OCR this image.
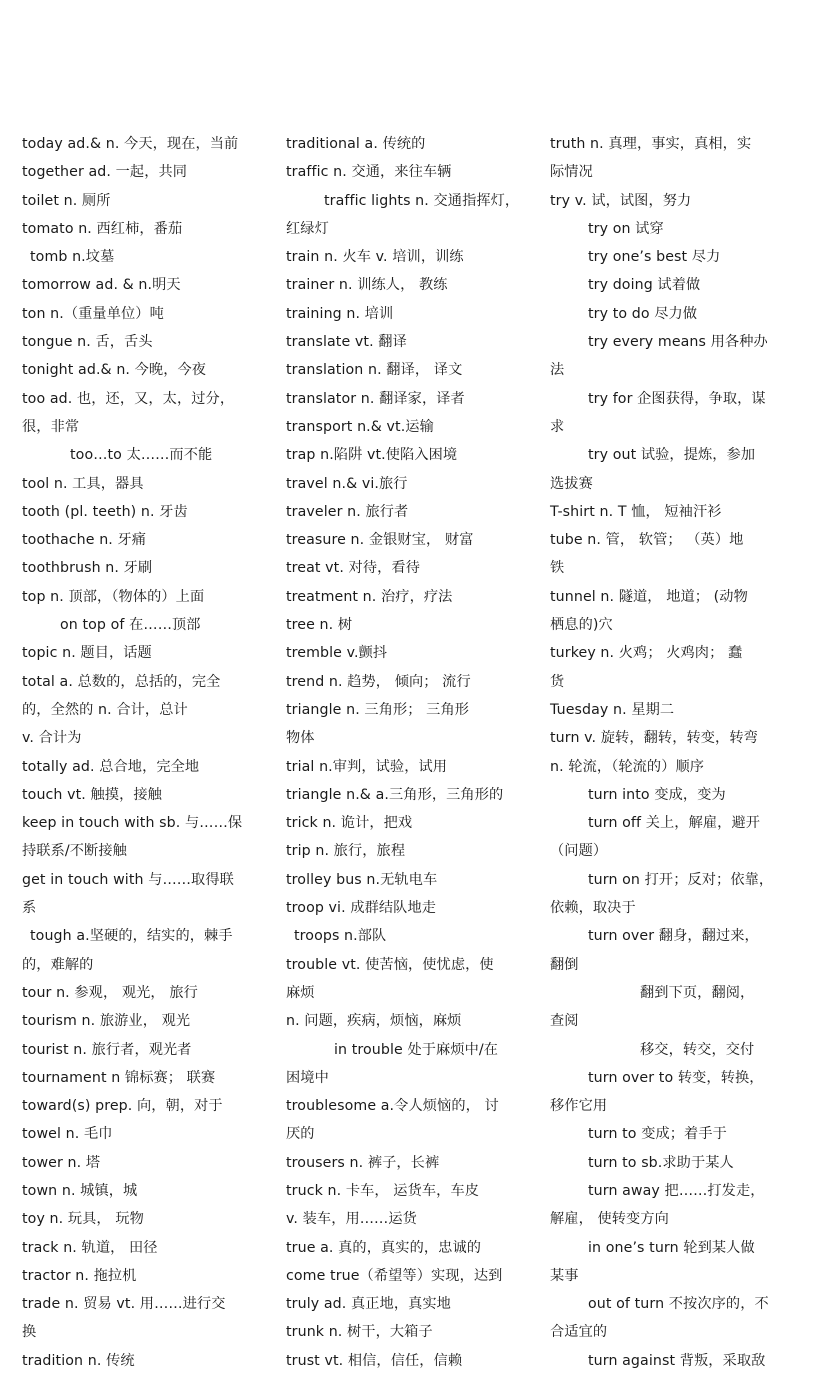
today ad.& n. 今天，现在，当前
together ad. 一起，共同
toilet n. 厕所
tomato n. 西红柿，番茄
tomb n.坟墓
tomorrow ad. & n.明天
ton n.（重量单位）吨
tongue n. 舌，舌头
tonight ad.& n. 今晚，今夜
too ad. 也，还，又，太，过分，
很，非常
too…to 太……而不能
tool n. 工具，器具
tooth (pl. teeth) n. 牙齿
toothache n. 牙痛
toothbrush n. 牙刷
top n. 顶部，（物体的）上面
on top of 在……顶部
topic n. 题目，话题
total a. 总数的，总括的，完全
的，全然的 n. 合计，总计
v. 合计为
totally ad. 总合地，完全地
touch vt. 触摸，接触
keep in touch with sb. 与……保
持联系/不断接触
get in touch with 与……取得联
系
tough a.坚硬的，结实的，棘手
的，难解的
tour n. 参观， 观光， 旅行
tourism n. 旅游业， 观光
tourist n. 旅行者，观光者
tournament n 锦标赛； 联赛
toward(s) prep. 向，朝，对于
towel n. 毛巾
tower n. 塔
town n. 城镇，城
toy n. 玩具， 玩物
track n. 轨道， 田径
tractor n. 拖拉机
trade n. 贸易 vt. 用……进行交
换
tradition n. 传统
traditional a. 传统的
traffic n. 交通，来往车辆
traffic lights n. 交通指挥灯，
红绿灯
train n. 火车 v. 培训，训练
trainer n. 训练人， 教练
training n. 培训
translate vt. 翻译
translation n. 翻译， 译文
translator n. 翻译家，译者
transport n.& vt.运输
trap n.陷阱 vt.使陷入困境
travel n.& vi.旅行
traveler n. 旅行者
treasure n. 金银财宝， 财富
treat vt. 对待，看待
treatment n. 治疗，疗法
tree n. 树
tremble v.颤抖
trend n. 趋势， 倾向； 流行
triangle n. 三角形； 三角形
物体
trial n.审判，试验，试用
triangle n.& a.三角形，三角形的
trick n. 诡计，把戏
trip n. 旅行，旅程
trolley bus n.无轨电车
troop vi. 成群结队地走
troops n.部队
trouble vt. 使苦恼，使忧虑，使
麻烦
n. 问题，疾病，烦恼，麻烦
in trouble 处于麻烦中/在
困境中
troublesome a.令人烦恼的， 讨
厌的
trousers n. 裤子，长裤
truck n. 卡车， 运货车，车皮
v. 装车，用……运货
true a. 真的，真实的，忠诚的
come true（希望等）实现，达到
truly ad. 真正地，真实地
trunk n. 树干，大箱子
trust vt. 相信，信任，信赖
truth n. 真理，事实，真相，实
际情况
try v. 试，试图，努力
try on 试穿
try one’s best 尽力
try doing 试着做
try to do 尽力做
try every means 用各种办
法
try for 企图获得，争取，谋
求
try out 试验，提炼，参加
选拔赛
T-shirt n. T 恤， 短袖汗衫
tube n. 管， 软管； （英）地
铁
tunnel n. 隧道， 地道； (动物
栖息的)穴
turkey n. 火鸡； 火鸡肉； 蠢
货
Tuesday n. 星期二
turn v. 旋转，翻转，转变，转弯
n. 轮流，（轮流的）顺序
turn into 变成，变为
turn off 关上，解雇，避开
（问题）
turn on 打开；反对；依靠，
依赖，取决于
turn over 翻身，翻过来，
翻倒
翻到下页，翻阅，
查阅
移交，转交，交付
turn over to 转变，转换，
移作它用
turn to 变成；着手于
turn to sb.求助于某人
turn away 把……打发走，
解雇， 使转变方向
in one’s turn 轮到某人做
某事
out of turn 不按次序的，不
合适宜的
turn against 背叛，采取敌
